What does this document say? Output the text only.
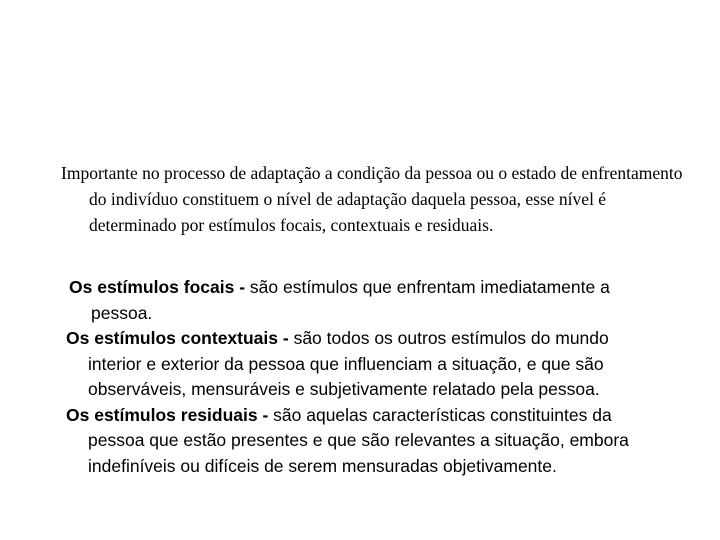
Importante no processo de adaptação a condição da pessoa ou o estado de enfrentamento do indivíduo constituem o nível de adaptação daquela pessoa, esse nível é determinado por estímulos focais, contextuais e residuais.

Os estímulos focais - são estímulos que enfrentam imediatamente a pessoa.
Os estímulos contextuais - são todos os outros estímulos do mundo interior e exterior da pessoa que influenciam a situação, e que são observáveis, mensuráveis e subjetivamente relatado pela pessoa.
Os estímulos residuais - são aquelas características constituintes da pessoa que estão presentes e que são relevantes a situação, embora indefiníveis ou difíceis de serem mensuradas objetivamente.
